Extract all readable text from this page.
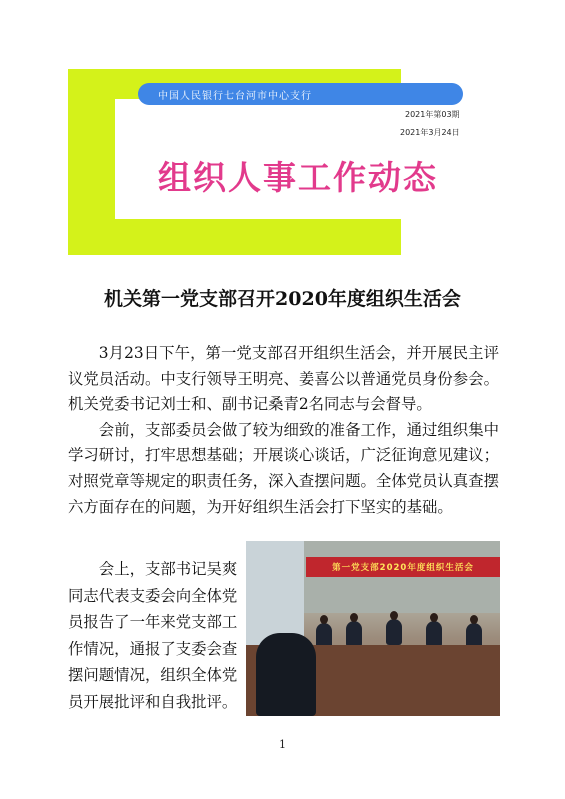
中国人民银行七台河市中心支行
2021年第03期
2021年3月24日
组织人事工作动态
机关第一党支部召开2020年度组织生活会

3月23日下午，第一党支部召开组织生活会，并开展民主评议党员活动。中支行领导王明亮、姜喜公以普通党员身份参会。机关党委书记刘士和、副书记桑青2名同志与会督导。

会前，支部委员会做了较为细致的准备工作，通过组织集中学习研讨，打牢思想基础；开展谈心谈话，广泛征询意见建议；对照党章等规定的职责任务，深入查摆问题。全体党员认真查摆六方面存在的问题，为开好组织生活会打下坚实的基础。

会上，支部书记吴爽同志代表支委会向全体党员报告了一年来党支部工作情况，通报了支委会查摆问题情况，组织全体党员开展批评和自我批评。

第一党支部2020年度组织生活会
1
